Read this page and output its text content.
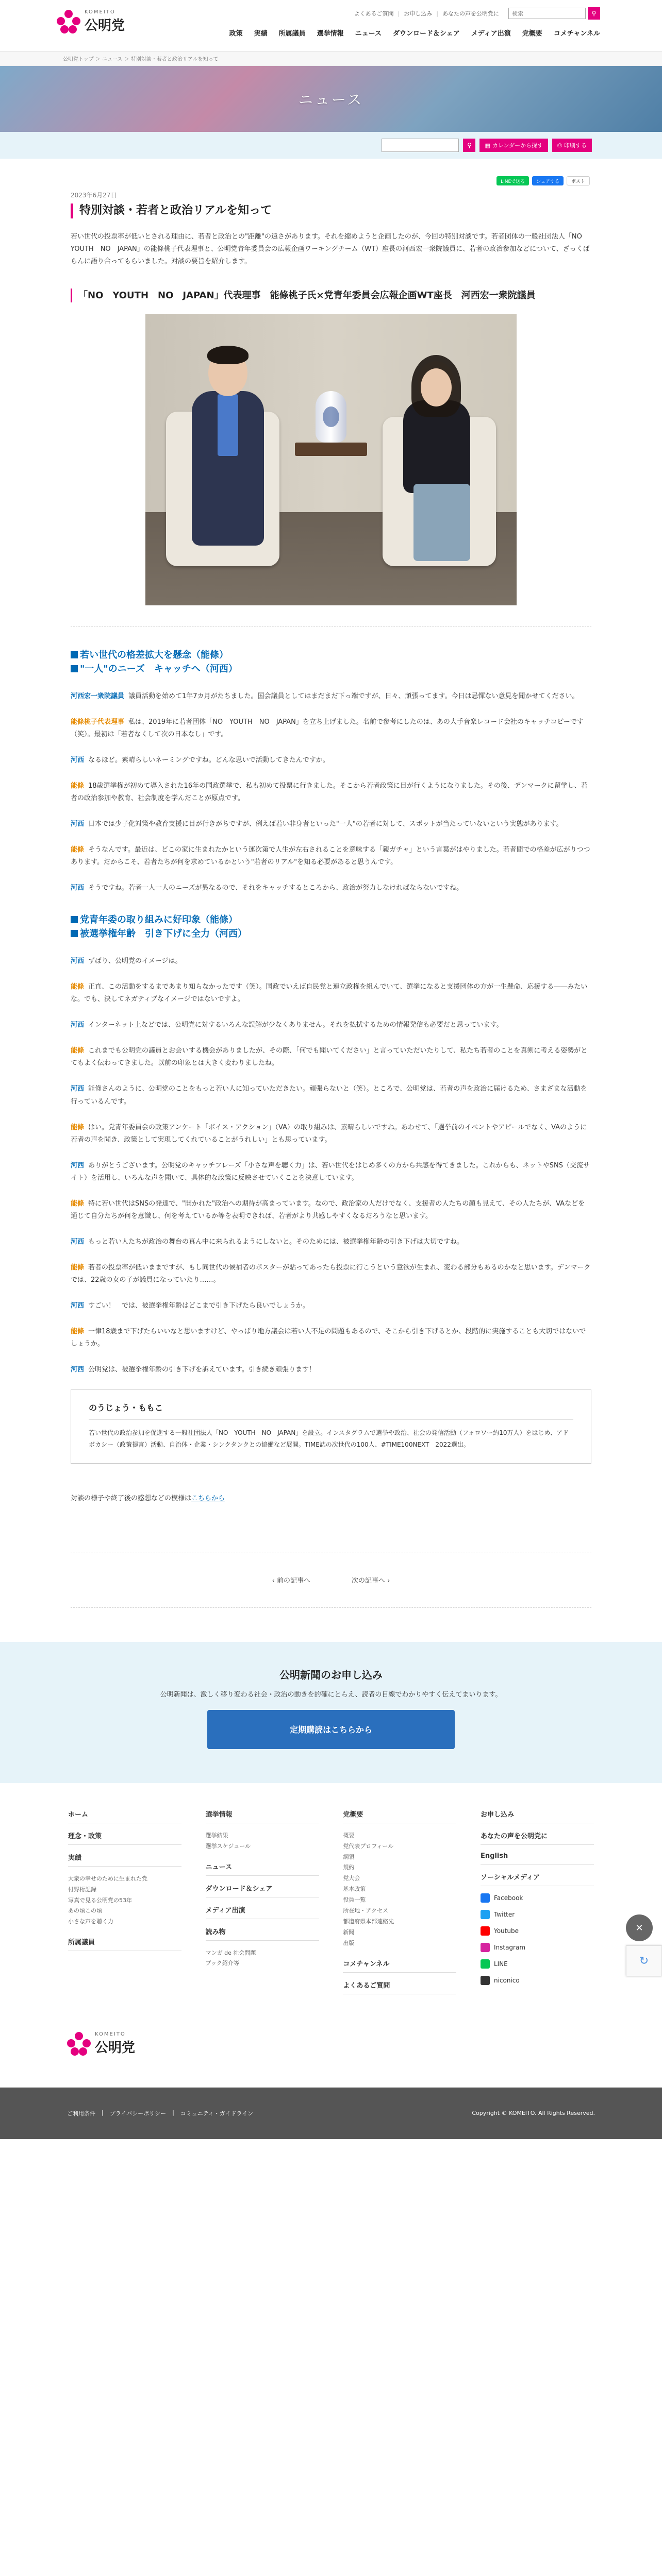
KOMEITO
公明党
よくあるご質問 | お申し込み | あなたの声を公明党に
検索	⚲
政策 実績 所属議員 選挙情報 ニュース ダウンロード＆シェア メディア出演 党概要 コメチャンネル
公明党トップ ＞ ニュース ＞ 特別対談・若者と政治リアルを知って
ニュース
⚲	▦ カレンダーから探す	⎙ 印刷する
LINEで送る	シェアする	ポスト
2023年6月27日
特別対談・若者と政治リアルを知って

若い世代の投票率が低いとされる理由に、若者と政治との"距離"の遠さがあります。それを縮めようと企画したのが、今回の特別対談です。若者団体の一般社団法人「NO　YOUTH　NO　JAPAN」の能條桃子代表理事と、公明党青年委員会の広報企画ワーキングチーム（WT）座長の河西宏一衆院議員に、若者の政治参加などについて、ざっくばらんに語り合ってもらいました。対談の要旨を紹介します。

「NO　YOUTH　NO　JAPAN」代表理事　能條桃子氏×党青年委員会広報企画WT座長　河西宏一衆院議員
若い世代の格差拡大を懸念（能條）
"一人"のニーズ　キャッチへ（河西）

河西宏一衆院議員 議員活動を始めて1年7カ月がたちました。国会議員としてはまだまだ下っ端ですが、日々、頑張ってます。今日は忌憚ない意見を聞かせてください。

能條桃子代表理事 私は、2019年に若者団体「NO　YOUTH　NO　JAPAN」を立ち上げました。名前で参考にしたのは、あの大手音楽レコード会社のキャッチコピーです（笑）。最初は「若者なくして次の日本なし」です。

河西 なるほど。素晴らしいネーミングですね。どんな思いで活動してきたんですか。

能條 18歳選挙権が初めて導入された16年の国政選挙で、私も初めて投票に行きました。そこから若者政策に目が行くようになりました。その後、デンマークに留学し、若者の政治参加や教育、社会制度を学んだことが原点です。

河西 日本では少子化対策や教育支援に目が行きがちですが、例えば若い非身者といった"一人"の若者に対して、スポットが当たっていないという実態があります。

能條 そうなんです。最近は、どこの家に生まれたかという運次第で人生が左右されることを意味する「親ガチャ」という言葉がはやりました。若者間での格差が広がりつつあります。だからこそ、若者たちが何を求めているかという"若者のリアル"を知る必要があると思うんです。

河西 そうですね。若者一人一人のニーズが異なるので、それをキャッチするところから、政治が努力しなければならないですね。

党青年委の取り組みに好印象（能條）
被選挙権年齢　引き下げに全力（河西）

河西 ずばり、公明党のイメージは。

能條 正直、この活動をするまであまり知らなかったです（笑）。国政でいえば自民党と連立政権を組んでいて、選挙になると支援団体の方が一生懸命、応援する――みたいな。でも、決してネガティブなイメージではないですよ。

河西 インターネット上などでは、公明党に対するいろんな誤解が少なくありません。それを払拭するための情報発信も必要だと思っています。

能條 これまでも公明党の議員とお会いする機会がありましたが、その際、「何でも聞いてください」と言っていただいたりして、私たち若者のことを真剣に考える姿勢がとてもよく伝わってきました。以前の印象とは大きく変わりましたね。

河西 能條さんのように、公明党のことをもっと若い人に知っていただきたい。頑張らないと（笑）。ところで、公明党は、若者の声を政治に届けるため、さまざまな活動を行っているんです。

能條 はい。党青年委員会の政策アンケート「ボイス・アクション」（VA）の取り組みは、素晴らしいですね。あわせて、「選挙前のイベントやアピールでなく、VAのように若者の声を聞き、政策として実現してくれていることがうれしい」とも思っています。

河西 ありがとうございます。公明党のキャッチフレーズ「小さな声を聴く力」は、若い世代をはじめ多くの方から共感を得てきました。これからも、ネットやSNS（交流サイト）を活用し、いろんな声を聞いて、具体的な政策に反映させていくことを決意しています。

能條 特に若い世代はSNSの発達で、"開かれた"政治への期待が高まっています。なので、政治家の人だけでなく、支援者の人たちの顔も見えて、その人たちが、VAなどを通じて自分たちが何を意識し、何を考えているか等を表明できれば、若者がより共感しやすくなるだろうなと思います。

河西 もっと若い人たちが政治の舞台の真ん中に来られるようにしないと。そのためには、被選挙権年齢の引き下げは大切ですね。

能條 若者の投票率が低いままですが、もし同世代の候補者のポスターが貼ってあったら投票に行こうという意欲が生まれ、変わる部分もあるのかなと思います。デンマークでは、22歳の女の子が議員になっていたり……。

河西 すごい！　では、被選挙権年齢はどこまで引き下げたら良いでしょうか。

能條 一律18歳まで下げたらいいなと思いますけど、やっぱり地方議会は若い人不足の問題もあるので、そこから引き下げるとか、段階的に実施することも大切ではないでしょうか。

河西 公明党は、被選挙権年齢の引き下げを訴えています。引き続き頑張ります！

のうじょう・ももこ

若い世代の政治参加を促進する一般社団法人「NO　YOUTH　NO　JAPAN」を設立。インスタグラムで選挙や政治、社会の発信活動（フォロワー約10万人）をはじめ、アドボカシー（政策提言）活動、自治体・企業・シンクタンクとの協働など展開。TIME誌の次世代の100人、#TIME100NEXT　2022選出。

対談の様子や終了後の感想などの模様はこちらから

‹ 前の記事へ	次の記事へ ›
✕
↻
公明新聞のお申し込み

公明新聞は、激しく移り変わる社会・政治の動きを的確にとらえ、読者の目線でわかりやすく伝えてまいります。

定期購読はこちらから
ホーム
理念・政策
実績
大衆の幸せのために生まれた党
付野桁記録
写真で見る公明党の53年
あの頃この頃
小さな声を聴く力
所属議員
選挙情報
選挙結果
選挙スケジュール
ニュース
ダウンロード＆シェア
メディア出演
読み物
マンガ de 社会問題
ブック紹介等
党概要
概要
党代表プロフィール
綱領
規約
党大会
基本政策
役員一覧
所在地・アクセス
都道府県本部連絡先
新聞
出版
コメチャンネル
よくあるご質問
お申し込み
あなたの声を公明党に
English
ソーシャルメディア
Facebook
Twitter
Youtube
Instagram
LINE
niconico
KOMEITO
公明党
ご利用条件 | プライバシーポリシー | コミュニティ・ガイドライン	Copyright © KOMEITO. All Rights Reserved.
